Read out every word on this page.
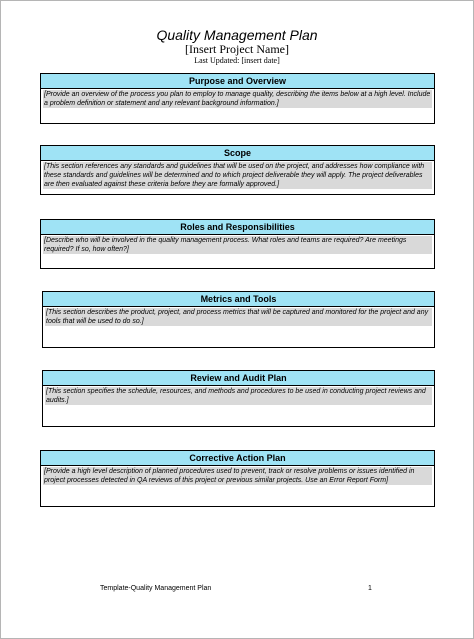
Quality Management Plan
[Insert Project Name]
Last Updated: [insert date]
Purpose and Overview
[Provide an overview of the process you plan to employ to manage quality, describing the items below at a high level. Include a problem definition or statement and any relevant background information.]
Scope
[This section references any standards and guidelines that will be used on the project, and addresses how compliance with these standards and guidelines will be determined and to which project deliverable they will apply. The project deliverables are then evaluated against these criteria before they are formally approved.]
Roles and Responsibilities
[Describe who will be involved in the quality management process. What roles and teams are required? Are meetings required? If so, how often?]
Metrics and Tools
[This section describes the product, project, and process metrics that will be captured and monitored for the project and any tools that will be used to do so.]
Review and Audit Plan
[This section specifies the schedule, resources, and methods and procedures to be used in conducting project reviews and audits.]
Corrective Action Plan
[Provide a high level description of planned procedures used to prevent, track or resolve problems or issues identified in project processes detected in QA reviews of this project or previous similar projects. Use an Error Report Form]
Template-Quality Management Plan	1
